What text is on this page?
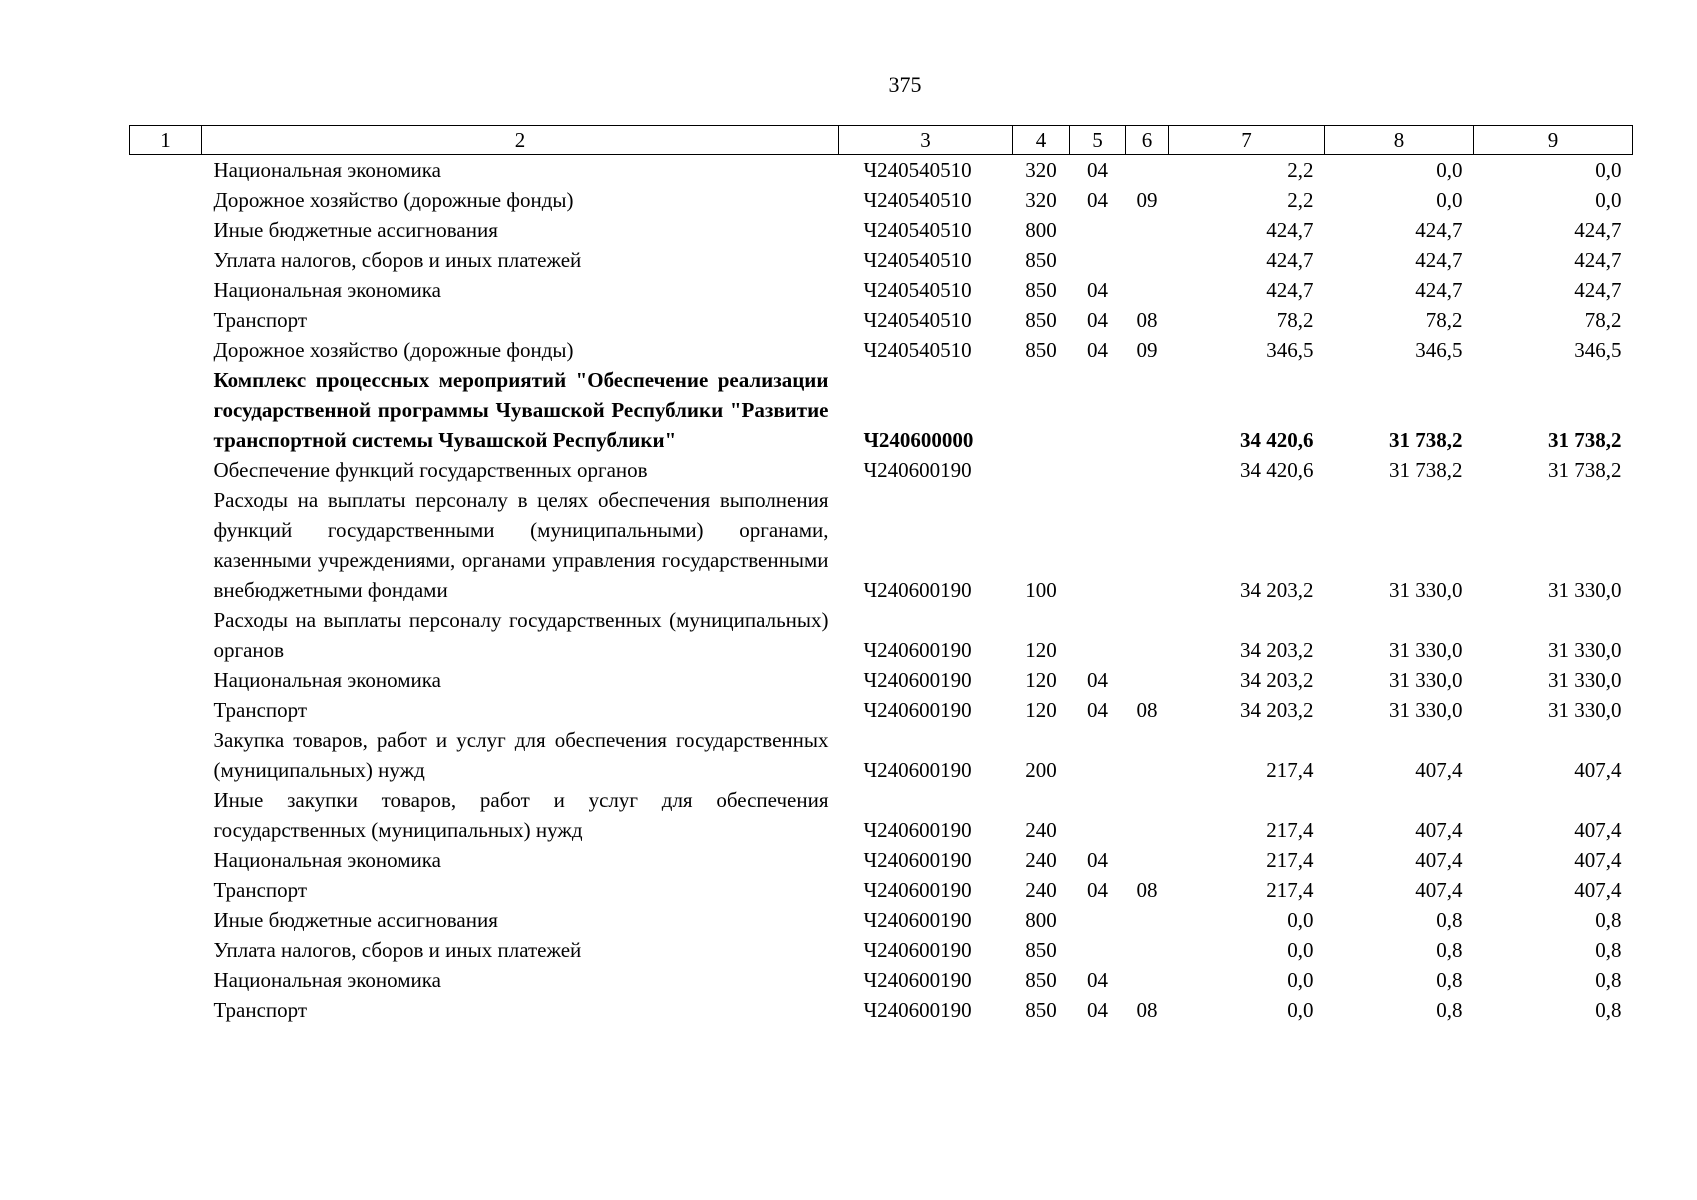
375
1	2	3	4	5	6	7	8	9
	Национальная экономика	Ч240540510	320	04		2,2	0,0	0,0
	Дорожное хозяйство (дорожные фонды)	Ч240540510	320	04	09	2,2	0,0	0,0
	Иные бюджетные ассигнования	Ч240540510	800			424,7	424,7	424,7
	Уплата налогов, сборов и иных платежей	Ч240540510	850			424,7	424,7	424,7
	Национальная экономика	Ч240540510	850	04		424,7	424,7	424,7
	Транспорт	Ч240540510	850	04	08	78,2	78,2	78,2
	Дорожное хозяйство (дорожные фонды)	Ч240540510	850	04	09	346,5	346,5	346,5
	Комплекс процессных мероприятий "Обеспечение реализации государственной программы Чувашской Республики "Развитие транспортной системы Чувашской Республики"	Ч240600000				34 420,6	31 738,2	31 738,2
	Обеспечение функций государственных органов	Ч240600190				34 420,6	31 738,2	31 738,2
	Расходы на выплаты персоналу в целях обеспечения выполнения функций государственными (муниципальными) органами, казенными учреждениями, органами управления государственными внебюджетными фондами	Ч240600190	100			34 203,2	31 330,0	31 330,0
	Расходы на выплаты персоналу государственных (муниципальных) органов	Ч240600190	120			34 203,2	31 330,0	31 330,0
	Национальная экономика	Ч240600190	120	04		34 203,2	31 330,0	31 330,0
	Транспорт	Ч240600190	120	04	08	34 203,2	31 330,0	31 330,0
	Закупка товаров, работ и услуг для обеспечения государственных (муниципальных) нужд	Ч240600190	200			217,4	407,4	407,4
	Иные закупки товаров, работ и услуг для обеспечения государственных (муниципальных) нужд	Ч240600190	240			217,4	407,4	407,4
	Национальная экономика	Ч240600190	240	04		217,4	407,4	407,4
	Транспорт	Ч240600190	240	04	08	217,4	407,4	407,4
	Иные бюджетные ассигнования	Ч240600190	800			0,0	0,8	0,8
	Уплата налогов, сборов и иных платежей	Ч240600190	850			0,0	0,8	0,8
	Национальная экономика	Ч240600190	850	04		0,0	0,8	0,8
	Транспорт	Ч240600190	850	04	08	0,0	0,8	0,8
